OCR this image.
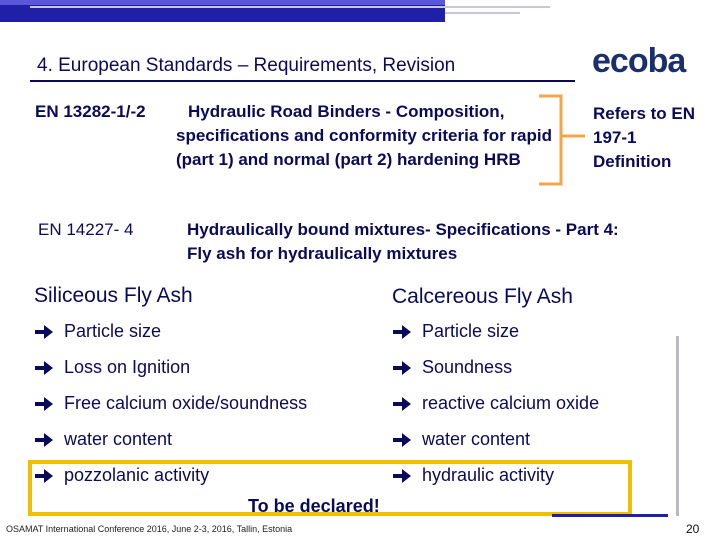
4. European Standards – Requirements, Revision	ecoba
EN 13282-1/-2	Hydraulic Road Binders - Composition, specifications and conformity criteria for rapid (part 1) and normal (part 2) hardening HRB
Refers to EN 197-1 Definition
EN 14227- 4	Hydraulically bound mixtures- Specifications - Part 4: Fly ash for hydraulically mixtures
Siliceous Fly Ash	Calcereous Fly Ash
Particle size
Loss on Ignition
Free calcium oxide/soundness
water content
pozzolanic activity
Particle size
Soundness
reactive calcium oxide
water content
hydraulic activity
To be declared!
OSAMAT International Conference 2016, June 2-3, 2016, Tallin, Estonia	20
